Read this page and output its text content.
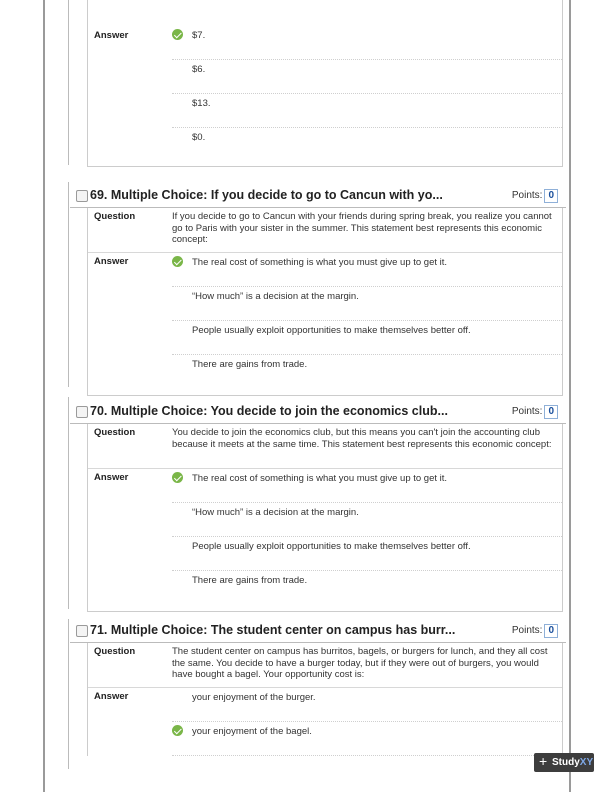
Answer	$7.
$6.
$13.
$0.
69. Multiple Choice: If you decide to go to Cancun with yo...	Points: 0
Question	If you decide to go to Cancun with your friends during spring break, you realize you cannot go to Paris with your sister in the summer. This statement best represents this economic concept:
Answer	The real cost of something is what you must give up to get it.
“How much” is a decision at the margin.
People usually exploit opportunities to make themselves better off.
There are gains from trade.
70. Multiple Choice: You decide to join the economics club...	Points: 0
Question	You decide to join the economics club, but this means you can't join the accounting club because it meets at the same time. This statement best represents this economic concept:
Answer	The real cost of something is what you must give up to get it.
“How much” is a decision at the margin.
People usually exploit opportunities to make themselves better off.
There are gains from trade.
71. Multiple Choice: The student center on campus has burr...	Points: 0
Question	The student center on campus has burritos, bagels, or burgers for lunch, and they all cost the same. You decide to have a burger today, but if they were out of burgers, you would have bought a bagel. Your opportunity cost is:
Answer	your enjoyment of the burger.
your enjoyment of the bagel.
+ StudyXY
